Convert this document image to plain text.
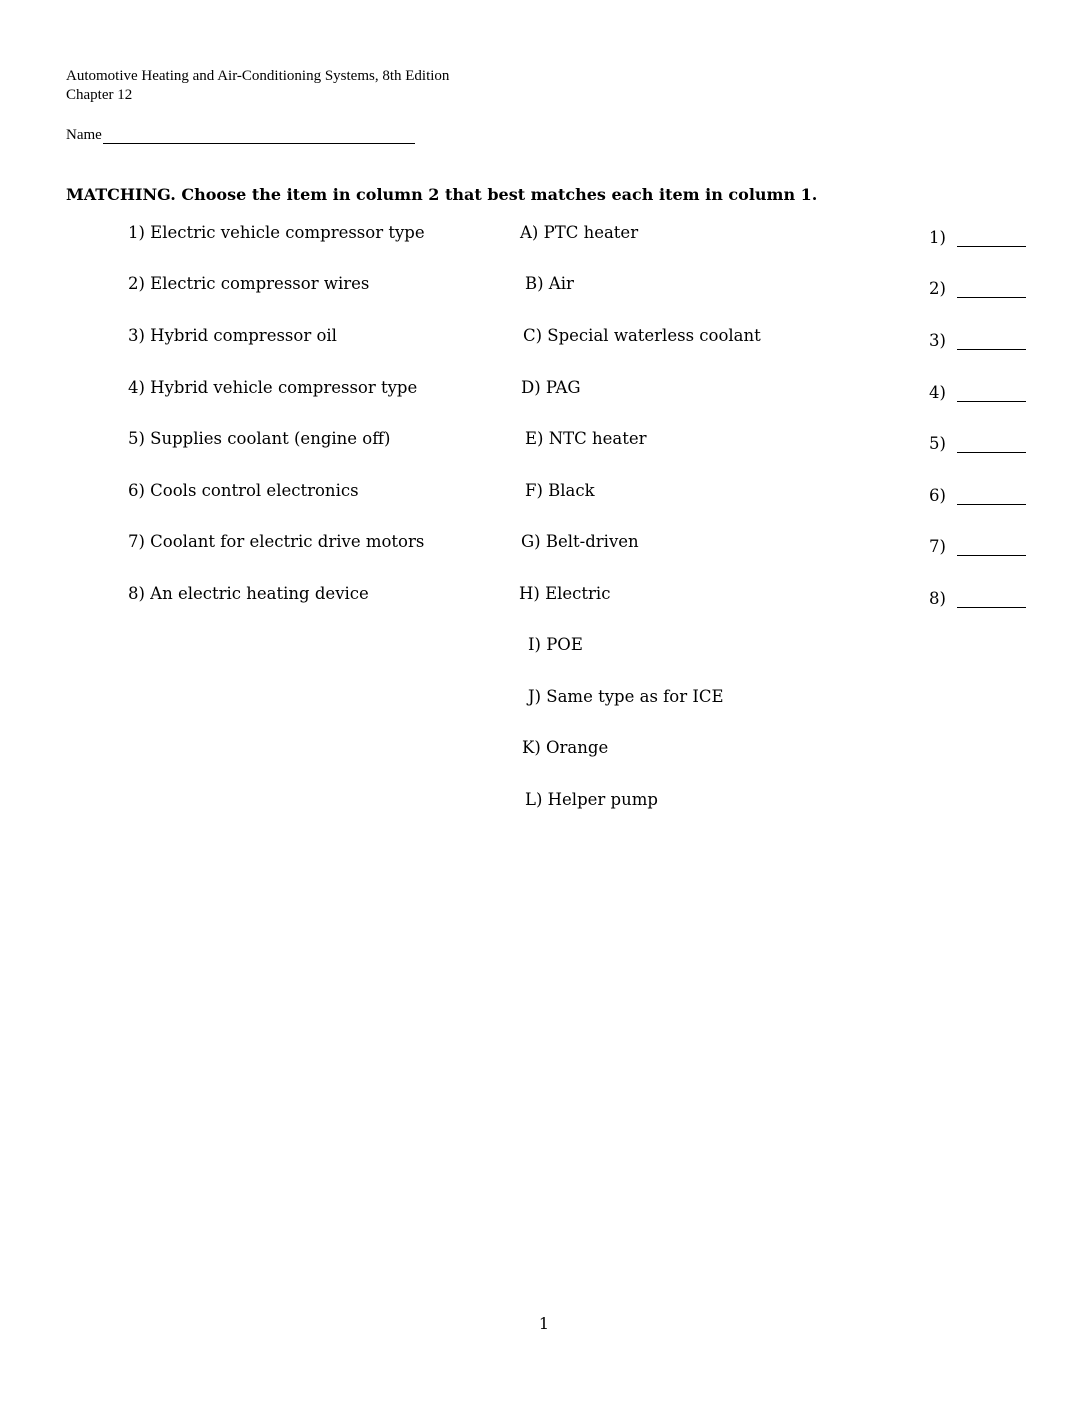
Automotive Heating and Air-Conditioning Systems, 8th Edition
Chapter 12
Name
MATCHING. Choose the item in column 2 that best matches each item in column 1.
1) Electric vehicle compressor type
2) Electric compressor wires
3) Hybrid compressor oil
4) Hybrid vehicle compressor type
5) Supplies coolant (engine off)
6) Cools control electronics
7) Coolant for electric drive motors
8) An electric heating device
A) PTC heater
B) Air
C) Special waterless coolant
D) PAG
E) NTC heater
F) Black
G) Belt-driven
H) Electric
I) POE
J) Same type as for ICE
K) Orange
L) Helper pump
1)
2)
3)
4)
5)
6)
7)
8)
1
